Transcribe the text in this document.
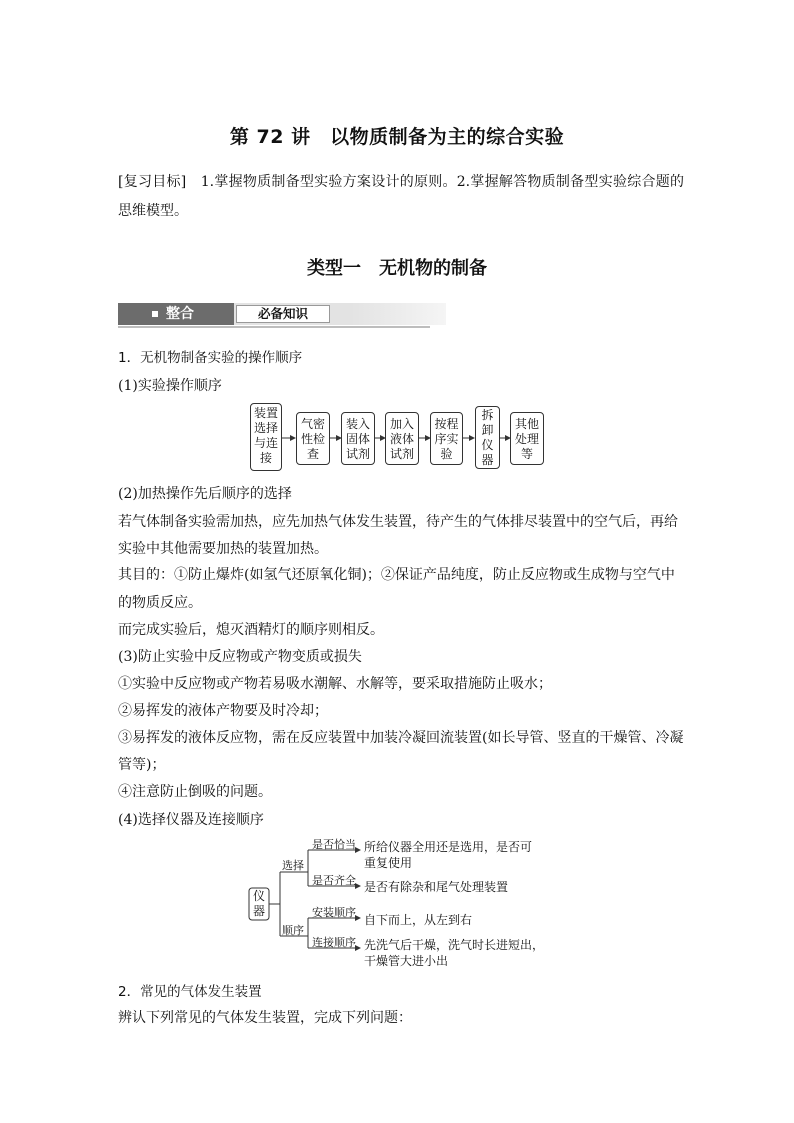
第 72 讲　以物质制备为主的综合实验
[复习目标]　1.掌握物质制备型实验方案设计的原则。2.掌握解答物质制备型实验综合题的思维模型。
类型一　无机物的制备
整合	必备知识
1．无机物制备实验的操作顺序
(1)实验操作顺序
装置
选择
与连
接
气密
性检
查
装入
固体
试剂
加入
液体
试剂
按程
序实
验
拆
卸
仪
器
其他
处理
等
(2)加热操作先后顺序的选择
若气体制备实验需加热，应先加热气体发生装置，待产生的气体排尽装置中的空气后，再给
实验中其他需要加热的装置加热。
其目的：①防止爆炸(如氢气还原氧化铜)；②保证产品纯度，防止反应物或生成物与空气中
的物质反应。
而完成实验后，熄灭酒精灯的顺序则相反。
(3)防止实验中反应物或产物变质或损失
①实验中反应物或产物若易吸水潮解、水解等，要采取措施防止吸水；
②易挥发的液体产物要及时冷却；
③易挥发的液体反应物，需在反应装置中加装冷凝回流装置(如长导管、竖直的干燥管、冷凝
管等)；
④注意防止倒吸的问题。
(4)选择仪器及连接顺序
仪
器
选择
顺序
是否恰当 所给仪器全用还是选用，是否可
重复使用
是否齐全 是否有除杂和尾气处理装置
安装顺序
自下而上，从左到右
连接顺序 先洗气后干燥，洗气时长进短出，
干燥管大进小出
2．常见的气体发生装置
辨认下列常见的气体发生装置，完成下列问题：
